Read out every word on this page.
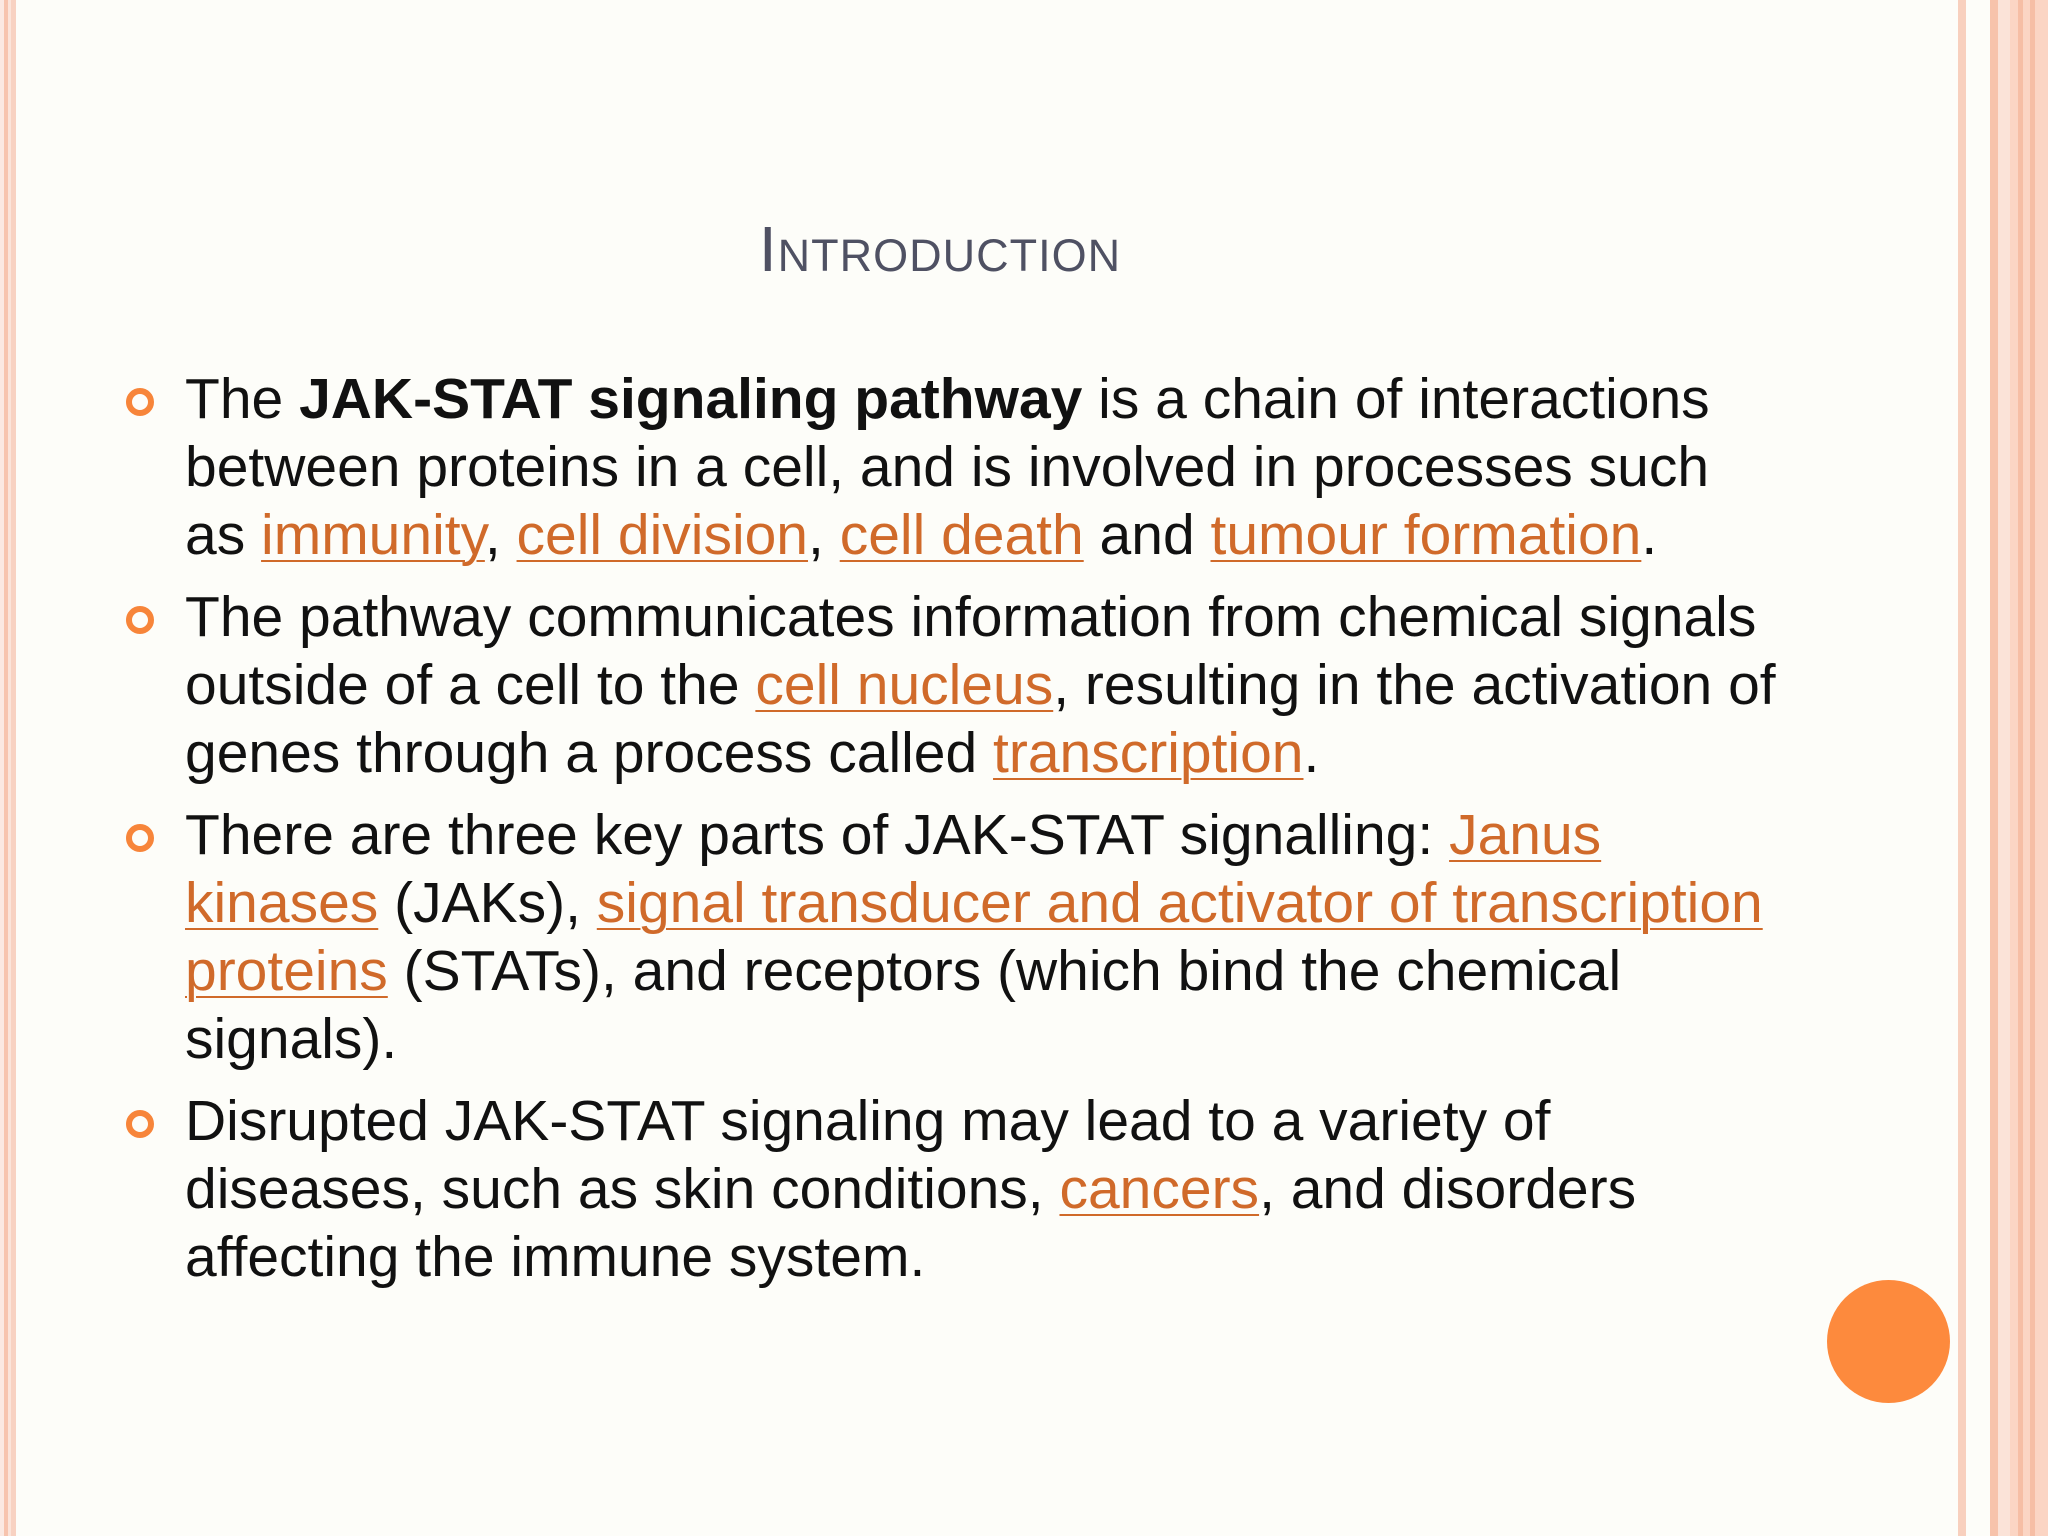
Introduction
The JAK-STAT signaling pathway is a chain of interactions between proteins in a cell, and is involved in processes such as immunity, cell division, cell death and tumour formation.
The pathway communicates information from chemical signals outside of a cell to the cell nucleus, resulting in the activation of genes through a process called transcription.
There are three key parts of JAK-STAT signalling: Janus kinases (JAKs), signal transducer and activator of transcription proteins (STATs), and receptors (which bind the chemical signals).
Disrupted JAK-STAT signaling may lead to a variety of diseases, such as skin conditions, cancers, and disorders affecting the immune system.
